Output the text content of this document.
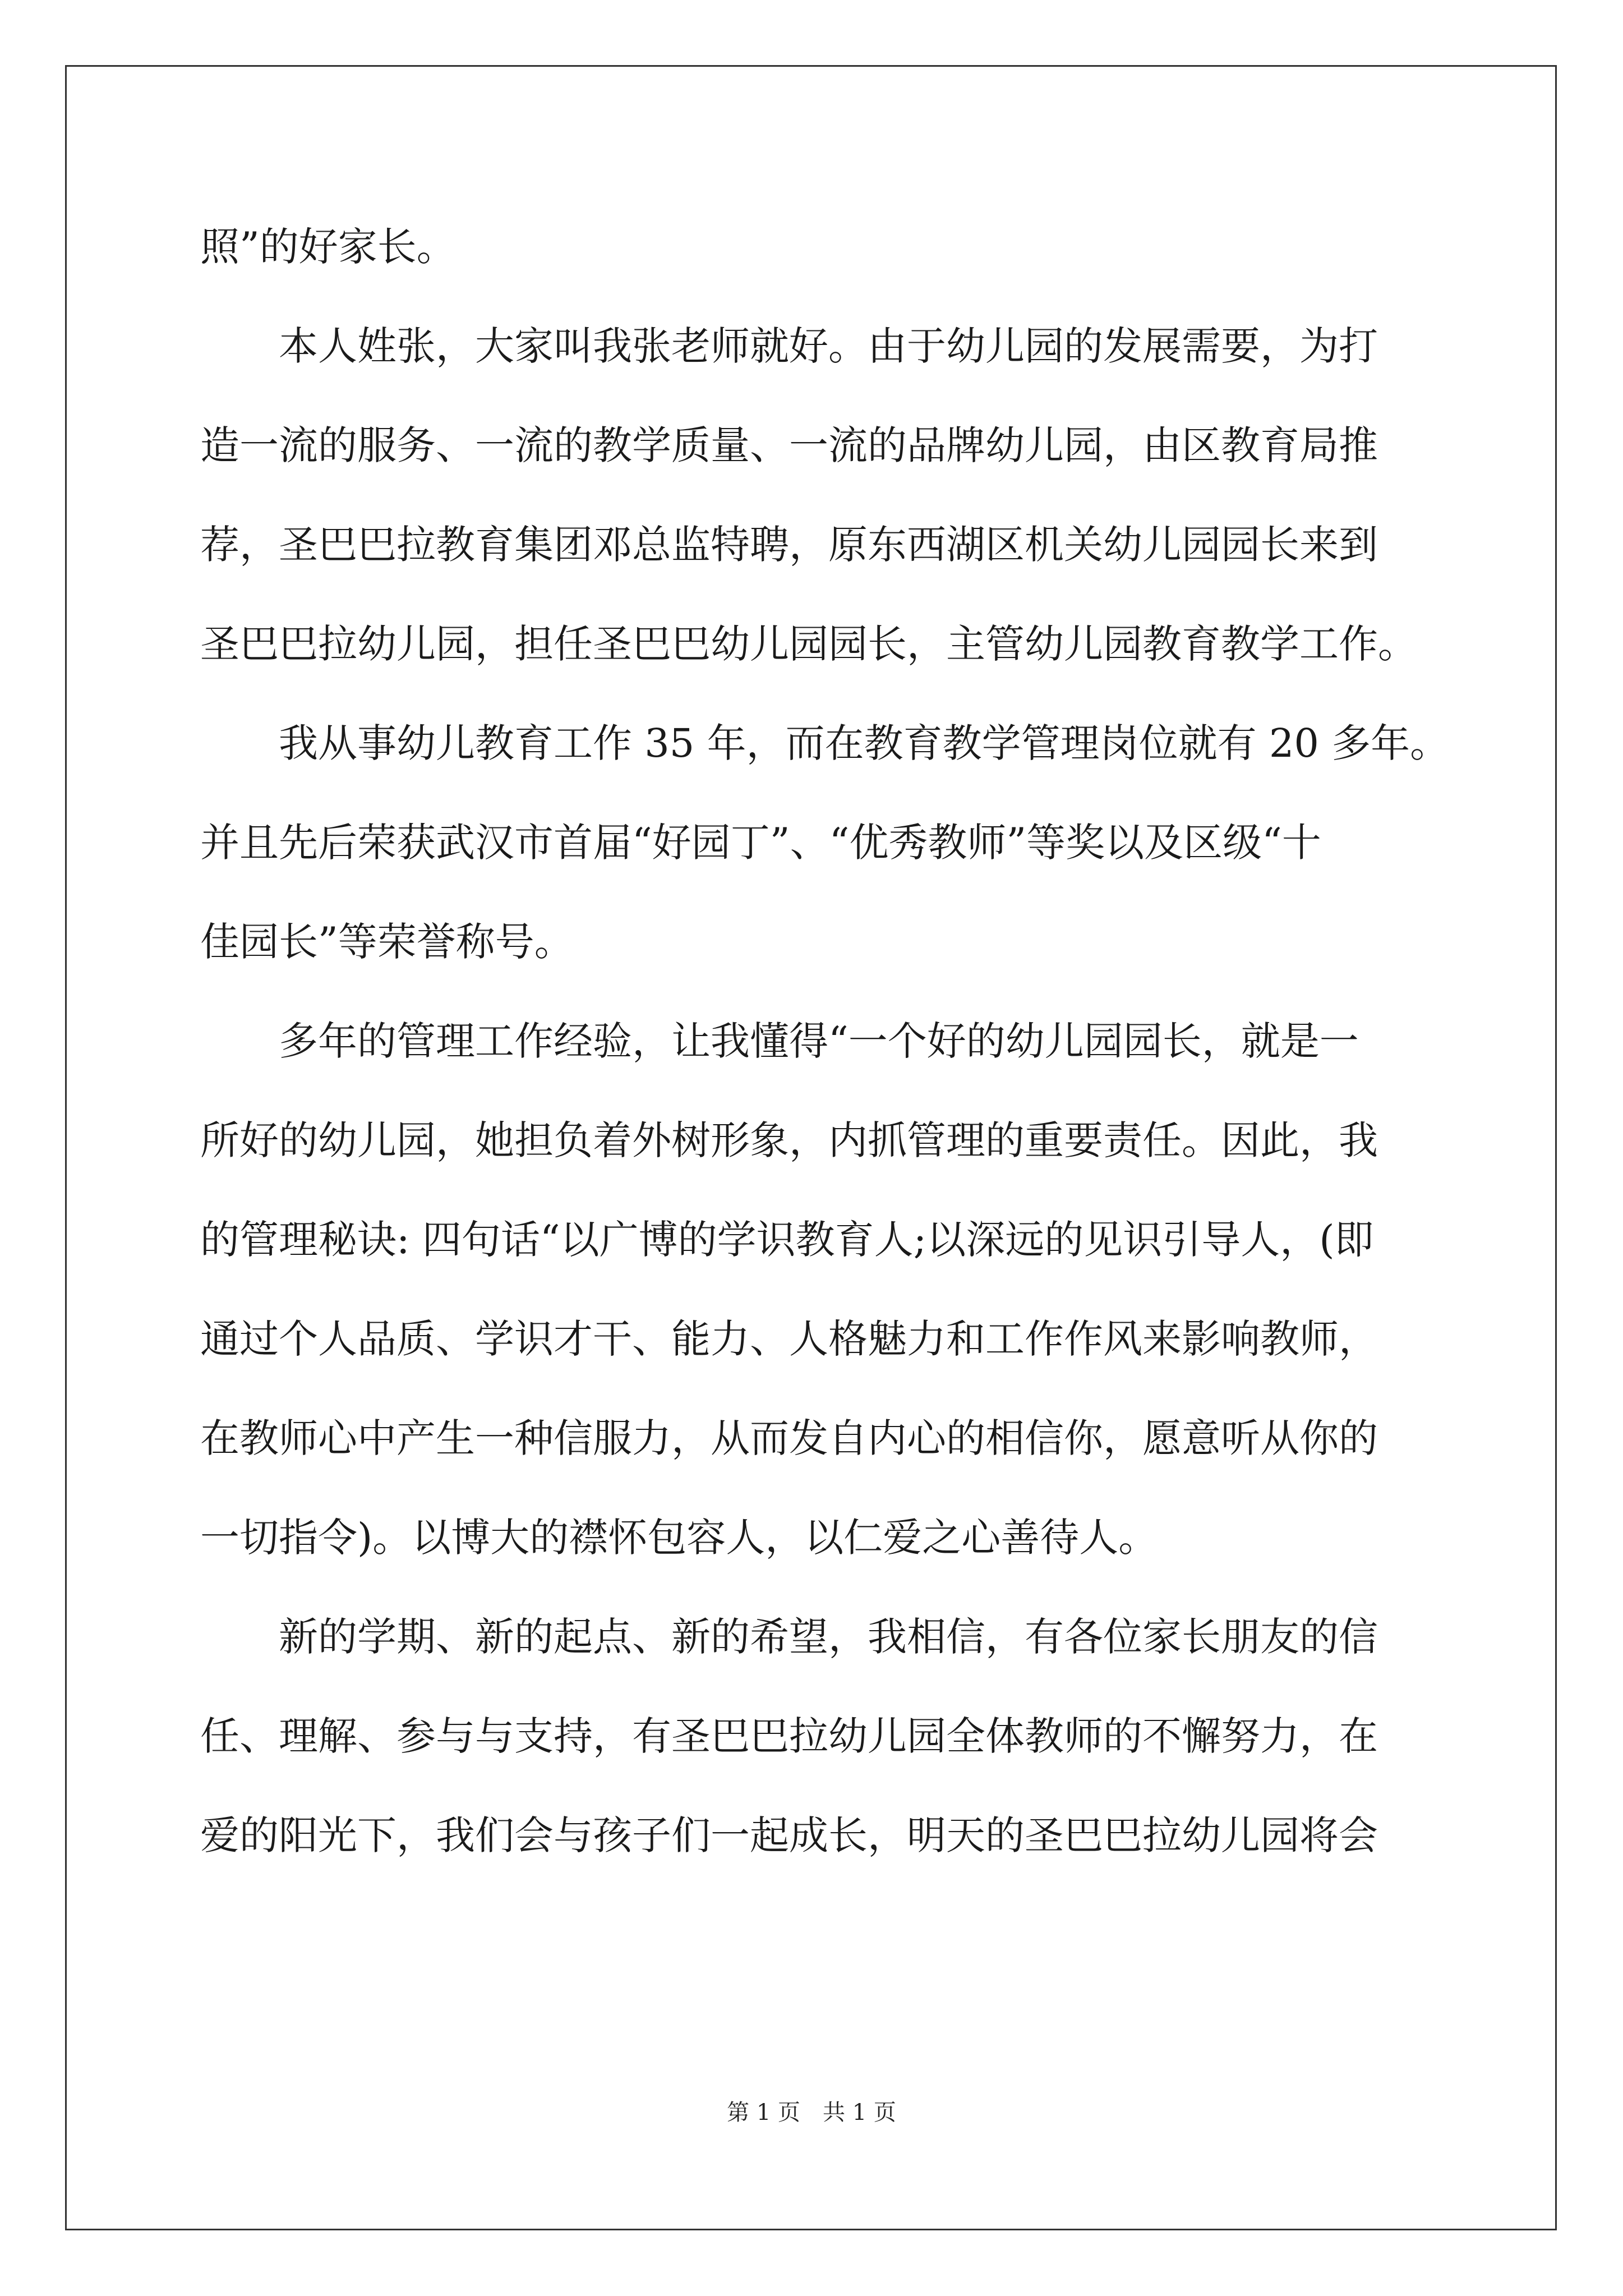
照”的好家长。
本人姓张，大家叫我张老师就好。由于幼儿园的发展需要，为打
造一流的服务、一流的教学质量、一流的品牌幼儿园，由区教育局推
荐，圣巴巴拉教育集团邓总监特聘，原东西湖区机关幼儿园园长来到
圣巴巴拉幼儿园，担任圣巴巴幼儿园园长，主管幼儿园教育教学工作。
我从事幼儿教育工作 35 年，而在教育教学管理岗位就有 20 多年。
并且先后荣获武汉市首届“好园丁”、“优秀教师”等奖以及区级“十
佳园长”等荣誉称号。
多年的管理工作经验，让我懂得“一个好的幼儿园园长，就是一
所好的幼儿园，她担负着外树形象，内抓管理的重要责任。因此，我
的管理秘诀: 四句话“以广博的学识教育人;以深远的见识引导人，(即
通过个人品质、学识才干、能力、人格魅力和工作作风来影响教师，
在教师心中产生一种信服力，从而发自内心的相信你，愿意听从你的
一切指令)。以博大的襟怀包容人，以仁爱之心善待人。
新的学期、新的起点、新的希望，我相信，有各位家长朋友的信
任、理解、参与与支持，有圣巴巴拉幼儿园全体教师的不懈努力，在
爱的阳光下，我们会与孩子们一起成长，明天的圣巴巴拉幼儿园将会
第 1 页　共 1 页
